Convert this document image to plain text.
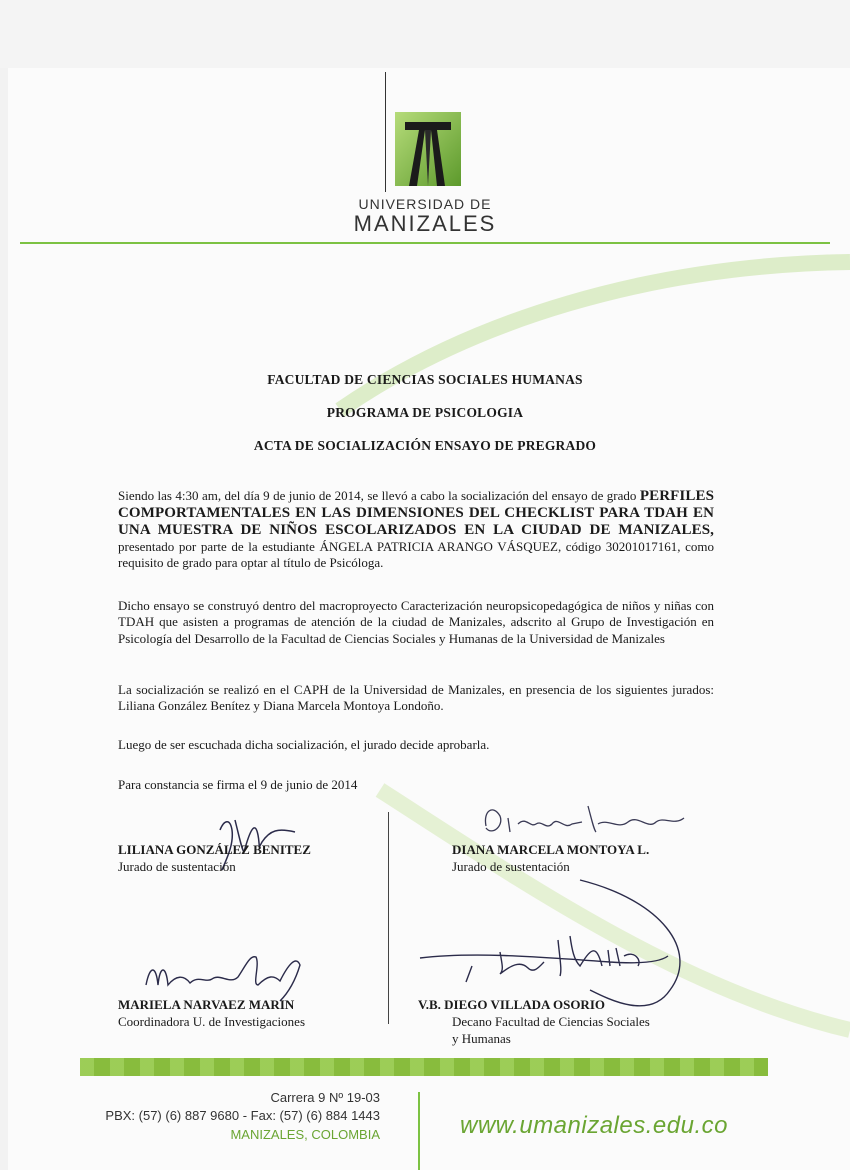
UNIVERSIDAD DE
MANIZALES
FACULTAD DE CIENCIAS SOCIALES HUMANAS
PROGRAMA DE PSICOLOGIA
ACTA DE SOCIALIZACIÓN ENSAYO DE PREGRADO

Siendo las 4:30 am, del día 9 de junio de 2014, se llevó a cabo la socialización del ensayo de grado PERFILES COMPORTAMENTALES EN LAS DIMENSIONES DEL CHECKLIST PARA TDAH EN UNA MUESTRA DE NIÑOS ESCOLARIZADOS EN LA CIUDAD DE MANIZALES, presentado por parte de la estudiante ÁNGELA PATRICIA ARANGO VÁSQUEZ, código 30201017161, como requisito de grado para optar al título de Psicóloga.

Dicho ensayo se construyó dentro del macroproyecto Caracterización neuropsicopedagógica de niños y niñas con TDAH que asisten a programas de atención de la ciudad de Manizales, adscrito al Grupo de Investigación en Psicología del Desarrollo de la Facultad de Ciencias Sociales y Humanas de la Universidad de Manizales

La socialización se realizó en el CAPH de la Universidad de Manizales, en presencia de los siguientes jurados: Liliana González Benítez y Diana Marcela Montoya Londoño.

Luego de ser escuchada dicha socialización, el jurado decide aprobarla.

Para constancia se firma el 9 de junio de 2014

LILIANA GONZÁLEZ BENITEZ
Jurado de sustentación
DIANA MARCELA MONTOYA L.
Jurado de sustentación
MARIELA NARVAEZ MARIN
Coordinadora U. de Investigaciones
V.B. DIEGO VILLADA OSORIO
Decano Facultad de Ciencias Sociales
y Humanas
Carrera 9 Nº 19-03
PBX: (57) (6) 887 9680 - Fax: (57) (6) 884 1443
MANIZALES, COLOMBIA	www.umanizales.edu.co
